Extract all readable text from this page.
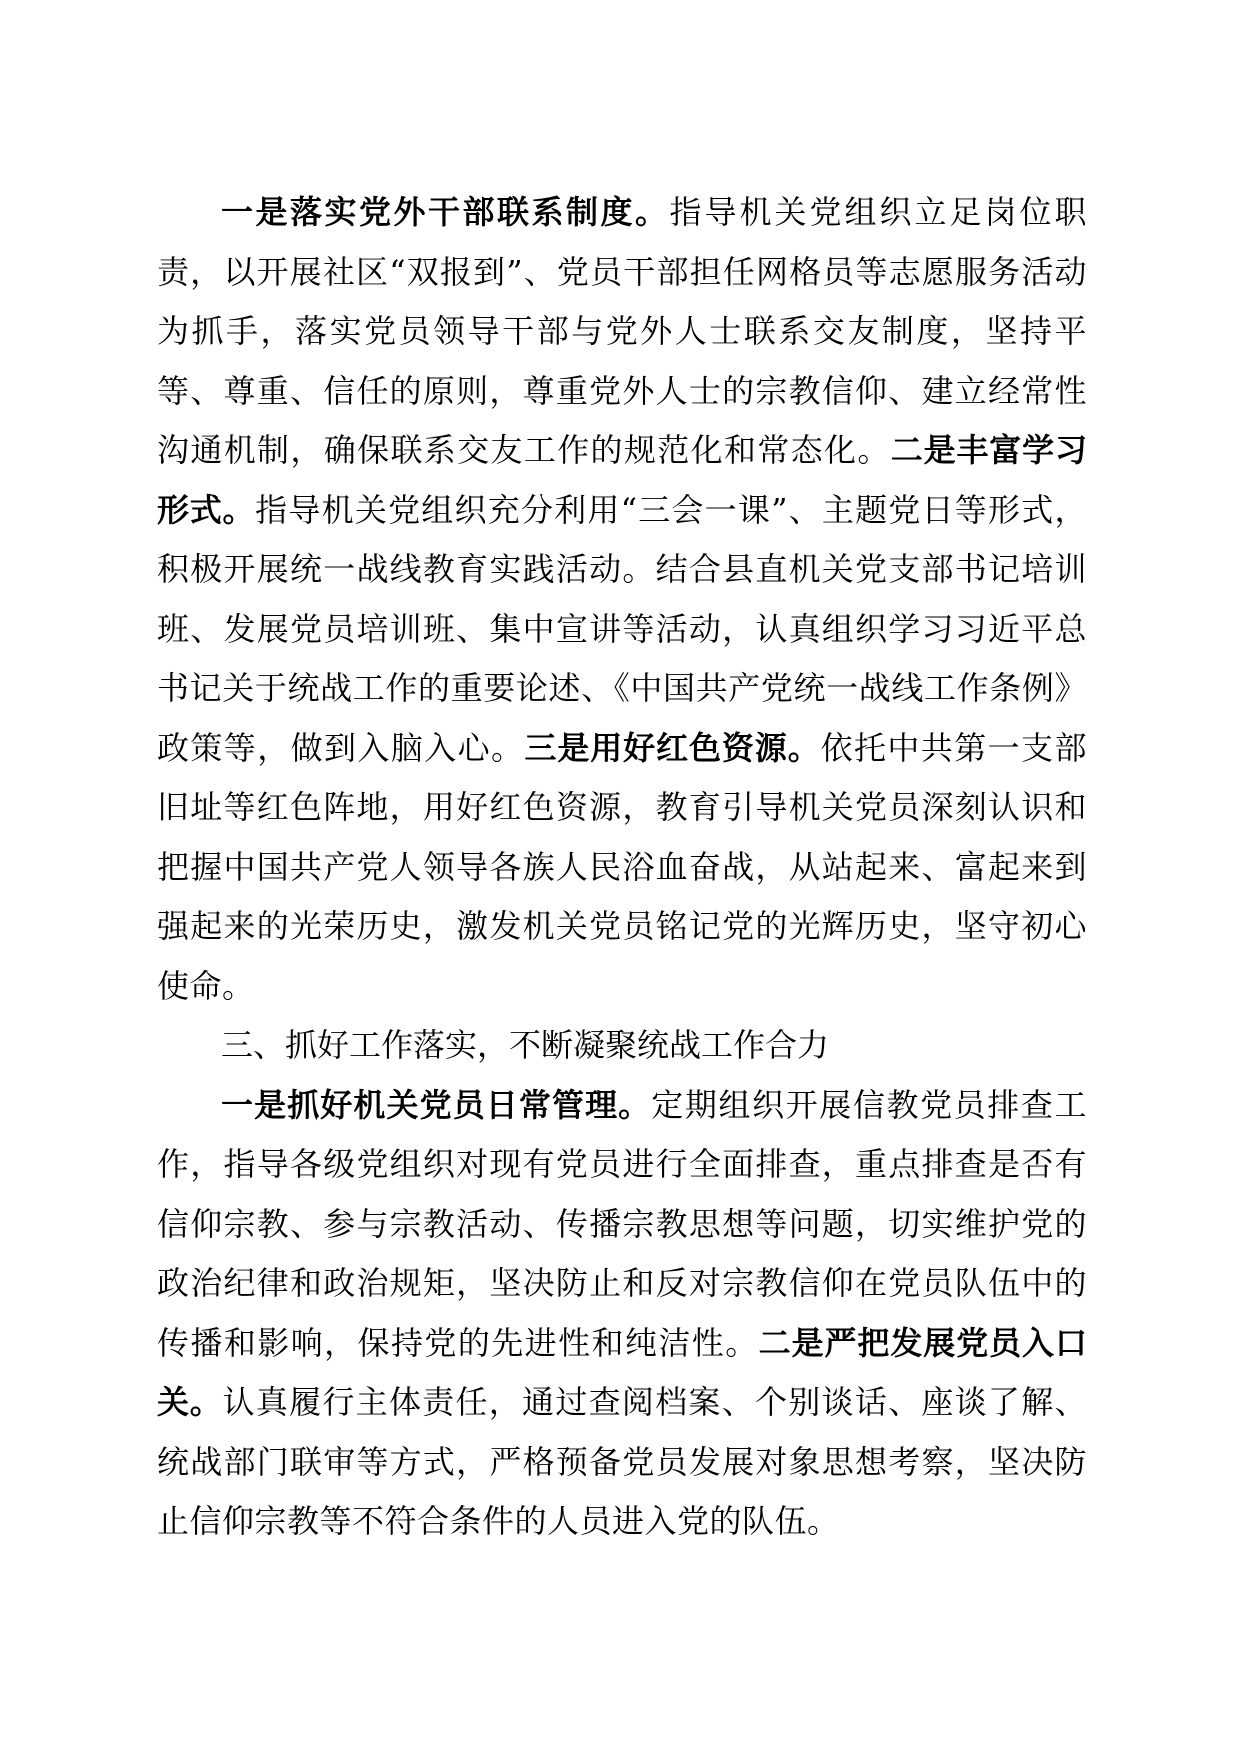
一是落实党外干部联系制度。指导机关党组织立足岗位职责，以开展社区“双报到”、党员干部担任网格员等志愿服务活动为抓手，落实党员领导干部与党外人士联系交友制度，坚持平等、尊重、信任的原则，尊重党外人士的宗教信仰、建立经常性沟通机制，确保联系交友工作的规范化和常态化。二是丰富学习形式。指导机关党组织充分利用“三会一课”、主题党日等形式，积极开展统一战线教育实践活动。结合县直机关党支部书记培训班、发展党员培训班、集中宣讲等活动，认真组织学习习近平总书记关于统战工作的重要论述、《中国共产党统一战线工作条例》政策等，做到入脑入心。三是用好红色资源。依托中共第一支部旧址等红色阵地，用好红色资源，教育引导机关党员深刻认识和把握中国共产党人领导各族人民浴血奋战，从站起来、富起来到强起来的光荣历史，激发机关党员铭记党的光辉历史，坚守初心使命。

三、抓好工作落实，不断凝聚统战工作合力

一是抓好机关党员日常管理。定期组织开展信教党员排查工作，指导各级党组织对现有党员进行全面排查，重点排查是否有信仰宗教、参与宗教活动、传播宗教思想等问题，切实维护党的政治纪律和政治规矩，坚决防止和反对宗教信仰在党员队伍中的传播和影响，保持党的先进性和纯洁性。二是严把发展党员入口关。认真履行主体责任，通过查阅档案、个别谈话、座谈了解、统战部门联审等方式，严格预备党员发展对象思想考察，坚决防止信仰宗教等不符合条件的人员进入党的队伍。
